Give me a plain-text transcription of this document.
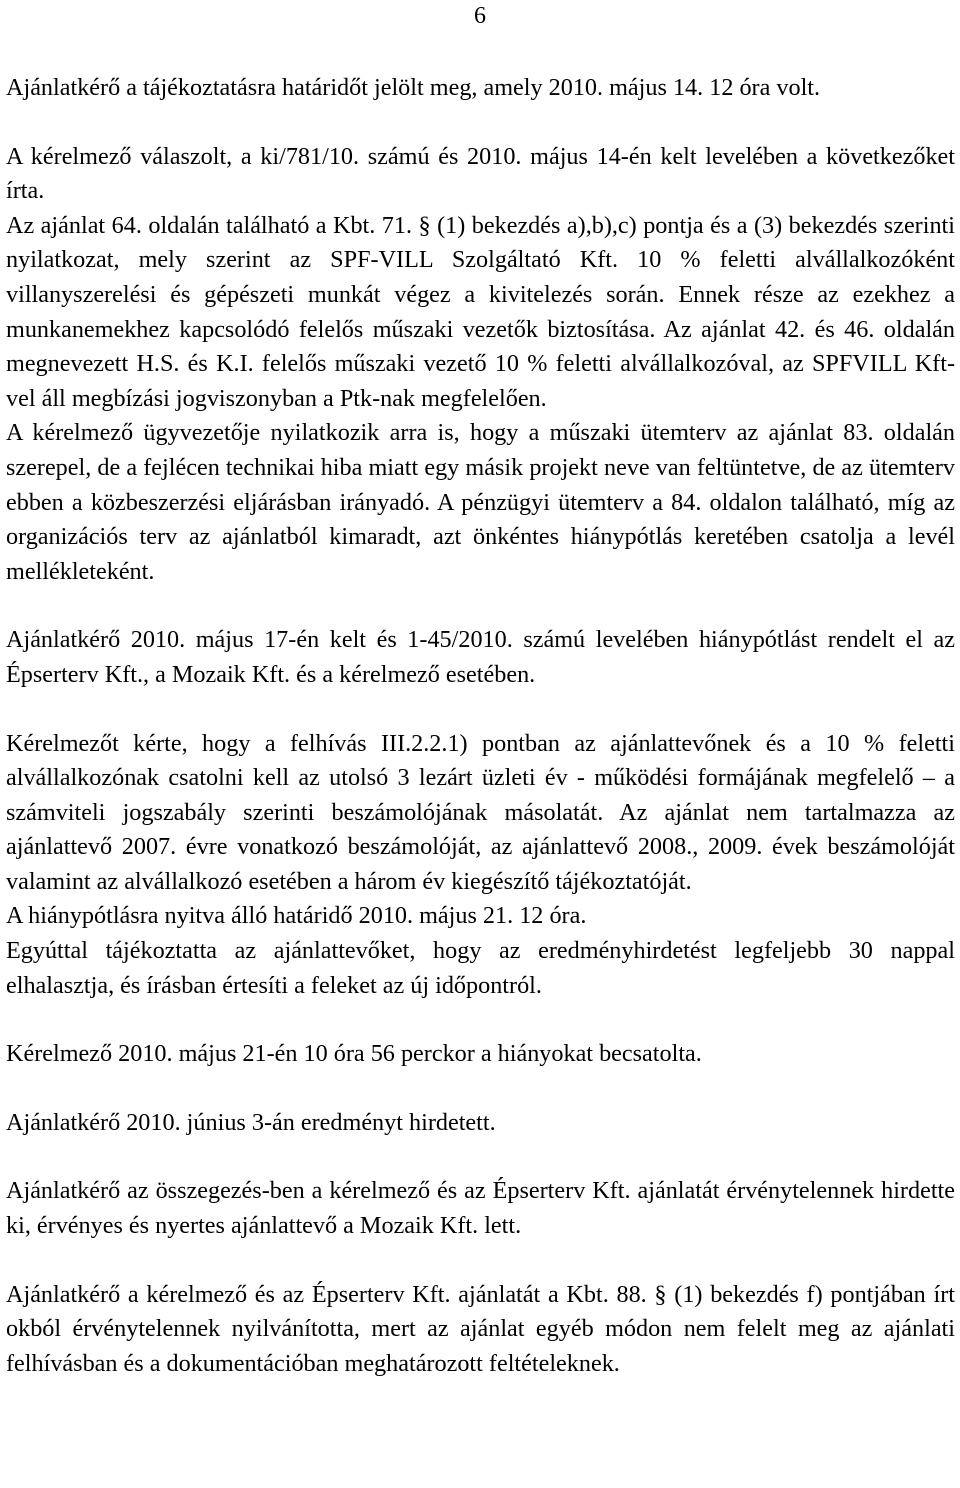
6

Ajánlatkérő a tájékoztatásra határidőt jelölt meg, amely 2010. május 14. 12 óra volt.

A kérelmező válaszolt, a ki/781/10. számú és 2010. május 14-én kelt levelében a következőket írta.

Az ajánlat 64. oldalán található a Kbt. 71. § (1) bekezdés a),b),c) pontja és a (3) bekezdés szerinti nyilatkozat, mely szerint az SPF-VILL Szolgáltató Kft. 10 % feletti alvállalkozóként villanyszerelési és gépészeti munkát végez a kivitelezés során. Ennek része az ezekhez a munkanemekhez kapcsolódó felelős műszaki vezetők biztosítása. Az ajánlat 42. és 46. oldalán megnevezett H.S. és K.I. felelős műszaki vezető 10 % feletti alvállalkozóval, az SPFVILL Kft-vel áll megbízási jogviszonyban a Ptk-nak megfelelően.

A kérelmező ügyvezetője nyilatkozik arra is, hogy a műszaki ütemterv az ajánlat 83. oldalán szerepel, de a fejlécen technikai hiba miatt egy másik projekt neve van feltüntetve, de az ütemterv ebben a közbeszerzési eljárásban irányadó. A pénzügyi ütemterv a 84. oldalon található, míg az organizációs terv az ajánlatból kimaradt, azt önkéntes hiánypótlás keretében csatolja a levél mellékleteként.

Ajánlatkérő 2010. május 17-én kelt és 1-45/2010. számú levelében hiánypótlást rendelt el az Épserterv Kft., a Mozaik Kft. és a kérelmező esetében.

Kérelmezőt kérte, hogy a felhívás III.2.2.1) pontban az ajánlattevőnek és a 10 % feletti alvállalkozónak csatolni kell az utolsó 3 lezárt üzleti év - működési formájának megfelelő – a számviteli jogszabály szerinti beszámolójának másolatát. Az ajánlat nem tartalmazza az ajánlattevő 2007. évre vonatkozó beszámolóját, az ajánlattevő 2008., 2009. évek beszámolóját valamint az alvállalkozó esetében a három év kiegészítő tájékoztatóját.

A hiánypótlásra nyitva álló határidő 2010. május 21. 12 óra.

Egyúttal tájékoztatta az ajánlattevőket, hogy az eredményhirdetést legfeljebb 30 nappal elhalasztja, és írásban értesíti a feleket az új időpontról.

Kérelmező 2010. május 21-én 10 óra 56 perckor a hiányokat becsatolta.

Ajánlatkérő 2010. június 3-án eredményt hirdetett.

Ajánlatkérő az összegezés-ben a kérelmező és az Épserterv Kft. ajánlatát érvénytelennek hirdette ki, érvényes és nyertes ajánlattevő a Mozaik Kft. lett.

Ajánlatkérő a kérelmező és az Épserterv Kft. ajánlatát a Kbt. 88. § (1) bekezdés f) pontjában írt okból érvénytelennek nyilvánította, mert az ajánlat egyéb módon nem felelt meg az ajánlati felhívásban és a dokumentációban meghatározott feltételeknek.
